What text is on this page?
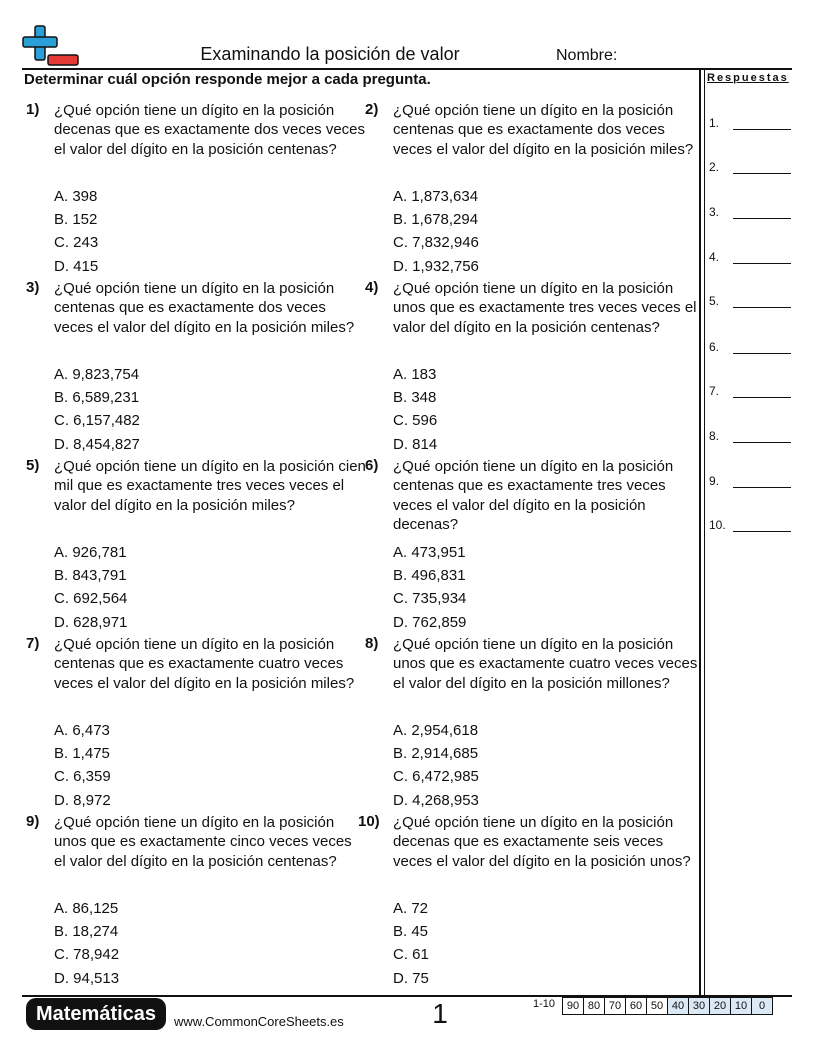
Examinando la posición de valor	Nombre:
Determinar cuál opción responde mejor a cada pregunta.	Respuestas
1.
2.
3.
4.
5.
6.
7.
8.
9.
10.
1) ¿Qué opción tiene un dígito en la posición decenas que es exactamente dos veces veces el valor del dígito en la posición centenas?
A. 398
B. 152
C. 243
D. 415
2) ¿Qué opción tiene un dígito en la posición centenas que es exactamente dos veces veces el valor del dígito en la posición miles?
A. 1,873,634
B. 1,678,294
C. 7,832,946
D. 1,932,756
3) ¿Qué opción tiene un dígito en la posición centenas que es exactamente dos veces veces el valor del dígito en la posición miles?
A. 9,823,754
B. 6,589,231
C. 6,157,482
D. 8,454,827
4) ¿Qué opción tiene un dígito en la posición unos que es exactamente tres veces veces el valor del dígito en la posición centenas?
A. 183
B. 348
C. 596
D. 814
5) ¿Qué opción tiene un dígito en la posición cien mil que es exactamente tres veces veces el valor del dígito en la posición miles?
A. 926,781
B. 843,791
C. 692,564
D. 628,971
6) ¿Qué opción tiene un dígito en la posición centenas que es exactamente tres veces veces el valor del dígito en la posición decenas?
A. 473,951
B. 496,831
C. 735,934
D. 762,859
7) ¿Qué opción tiene un dígito en la posición centenas que es exactamente cuatro veces veces el valor del dígito en la posición miles?
A. 6,473
B. 1,475
C. 6,359
D. 8,972
8) ¿Qué opción tiene un dígito en la posición unos que es exactamente cuatro veces veces el valor del dígito en la posición millones?
A. 2,954,618
B. 2,914,685
C. 6,472,985
D. 4,268,953
9) ¿Qué opción tiene un dígito en la posición unos que es exactamente cinco veces veces el valor del dígito en la posición centenas?
A. 86,125
B. 18,274
C. 78,942
D. 94,513
10) ¿Qué opción tiene un dígito en la posición decenas que es exactamente seis veces veces el valor del dígito en la posición unos?
A. 72
B. 45
C. 61
D. 75
Matemáticas	www.CommonCoreSheets.es	1	1-10	90 80 70 60 50 40 30 20 10	0
